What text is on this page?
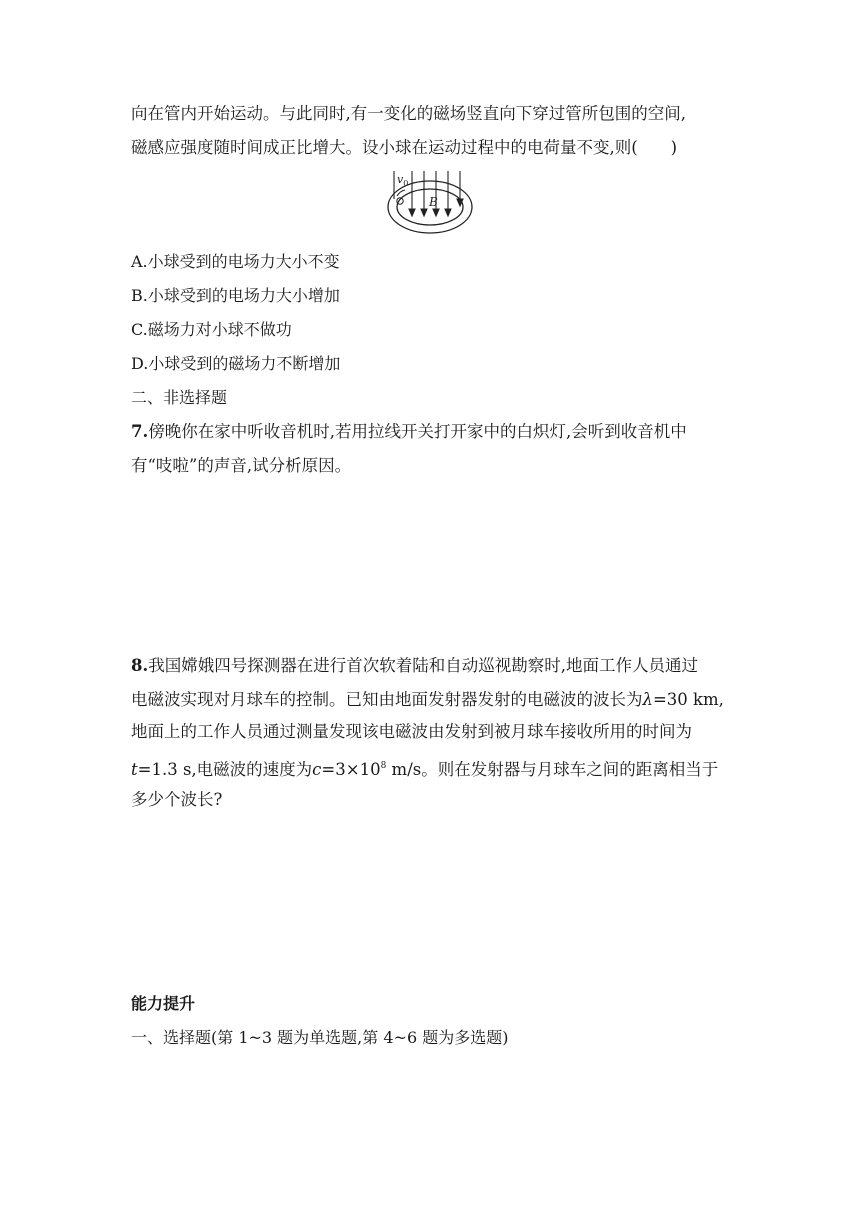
向在管内开始运动。与此同时,有一变化的磁场竖直向下穿过管所包围的空间,
磁感应强度随时间成正比增大。设小球在运动过程中的电荷量不变,则(　　)
$v_0$
B
A.小球受到的电场力大小不变
B.小球受到的电场力大小增加
C.磁场力对小球不做功
D.小球受到的磁场力不断增加
二、非选择题
7.傍晚你在家中听收音机时,若用拉线开关打开家中的白炽灯,会听到收音机中
有“吱啦”的声音,试分析原因。
8.我国嫦娥四号探测器在进行首次软着陆和自动巡视勘察时,地面工作人员通过
电磁波实现对月球车的控制。已知由地面发射器发射的电磁波的波长为λ=30 km,
地面上的工作人员通过测量发现该电磁波由发射到被月球车接收所用的时间为
t=1.3 s,电磁波的速度为$c=3\times 10^8$ m/s。则在发射器与月球车之间的距离相当于
多少个波长?
能力提升
一、选择题(第 1~3 题为单选题,第 4~6 题为多选题)
